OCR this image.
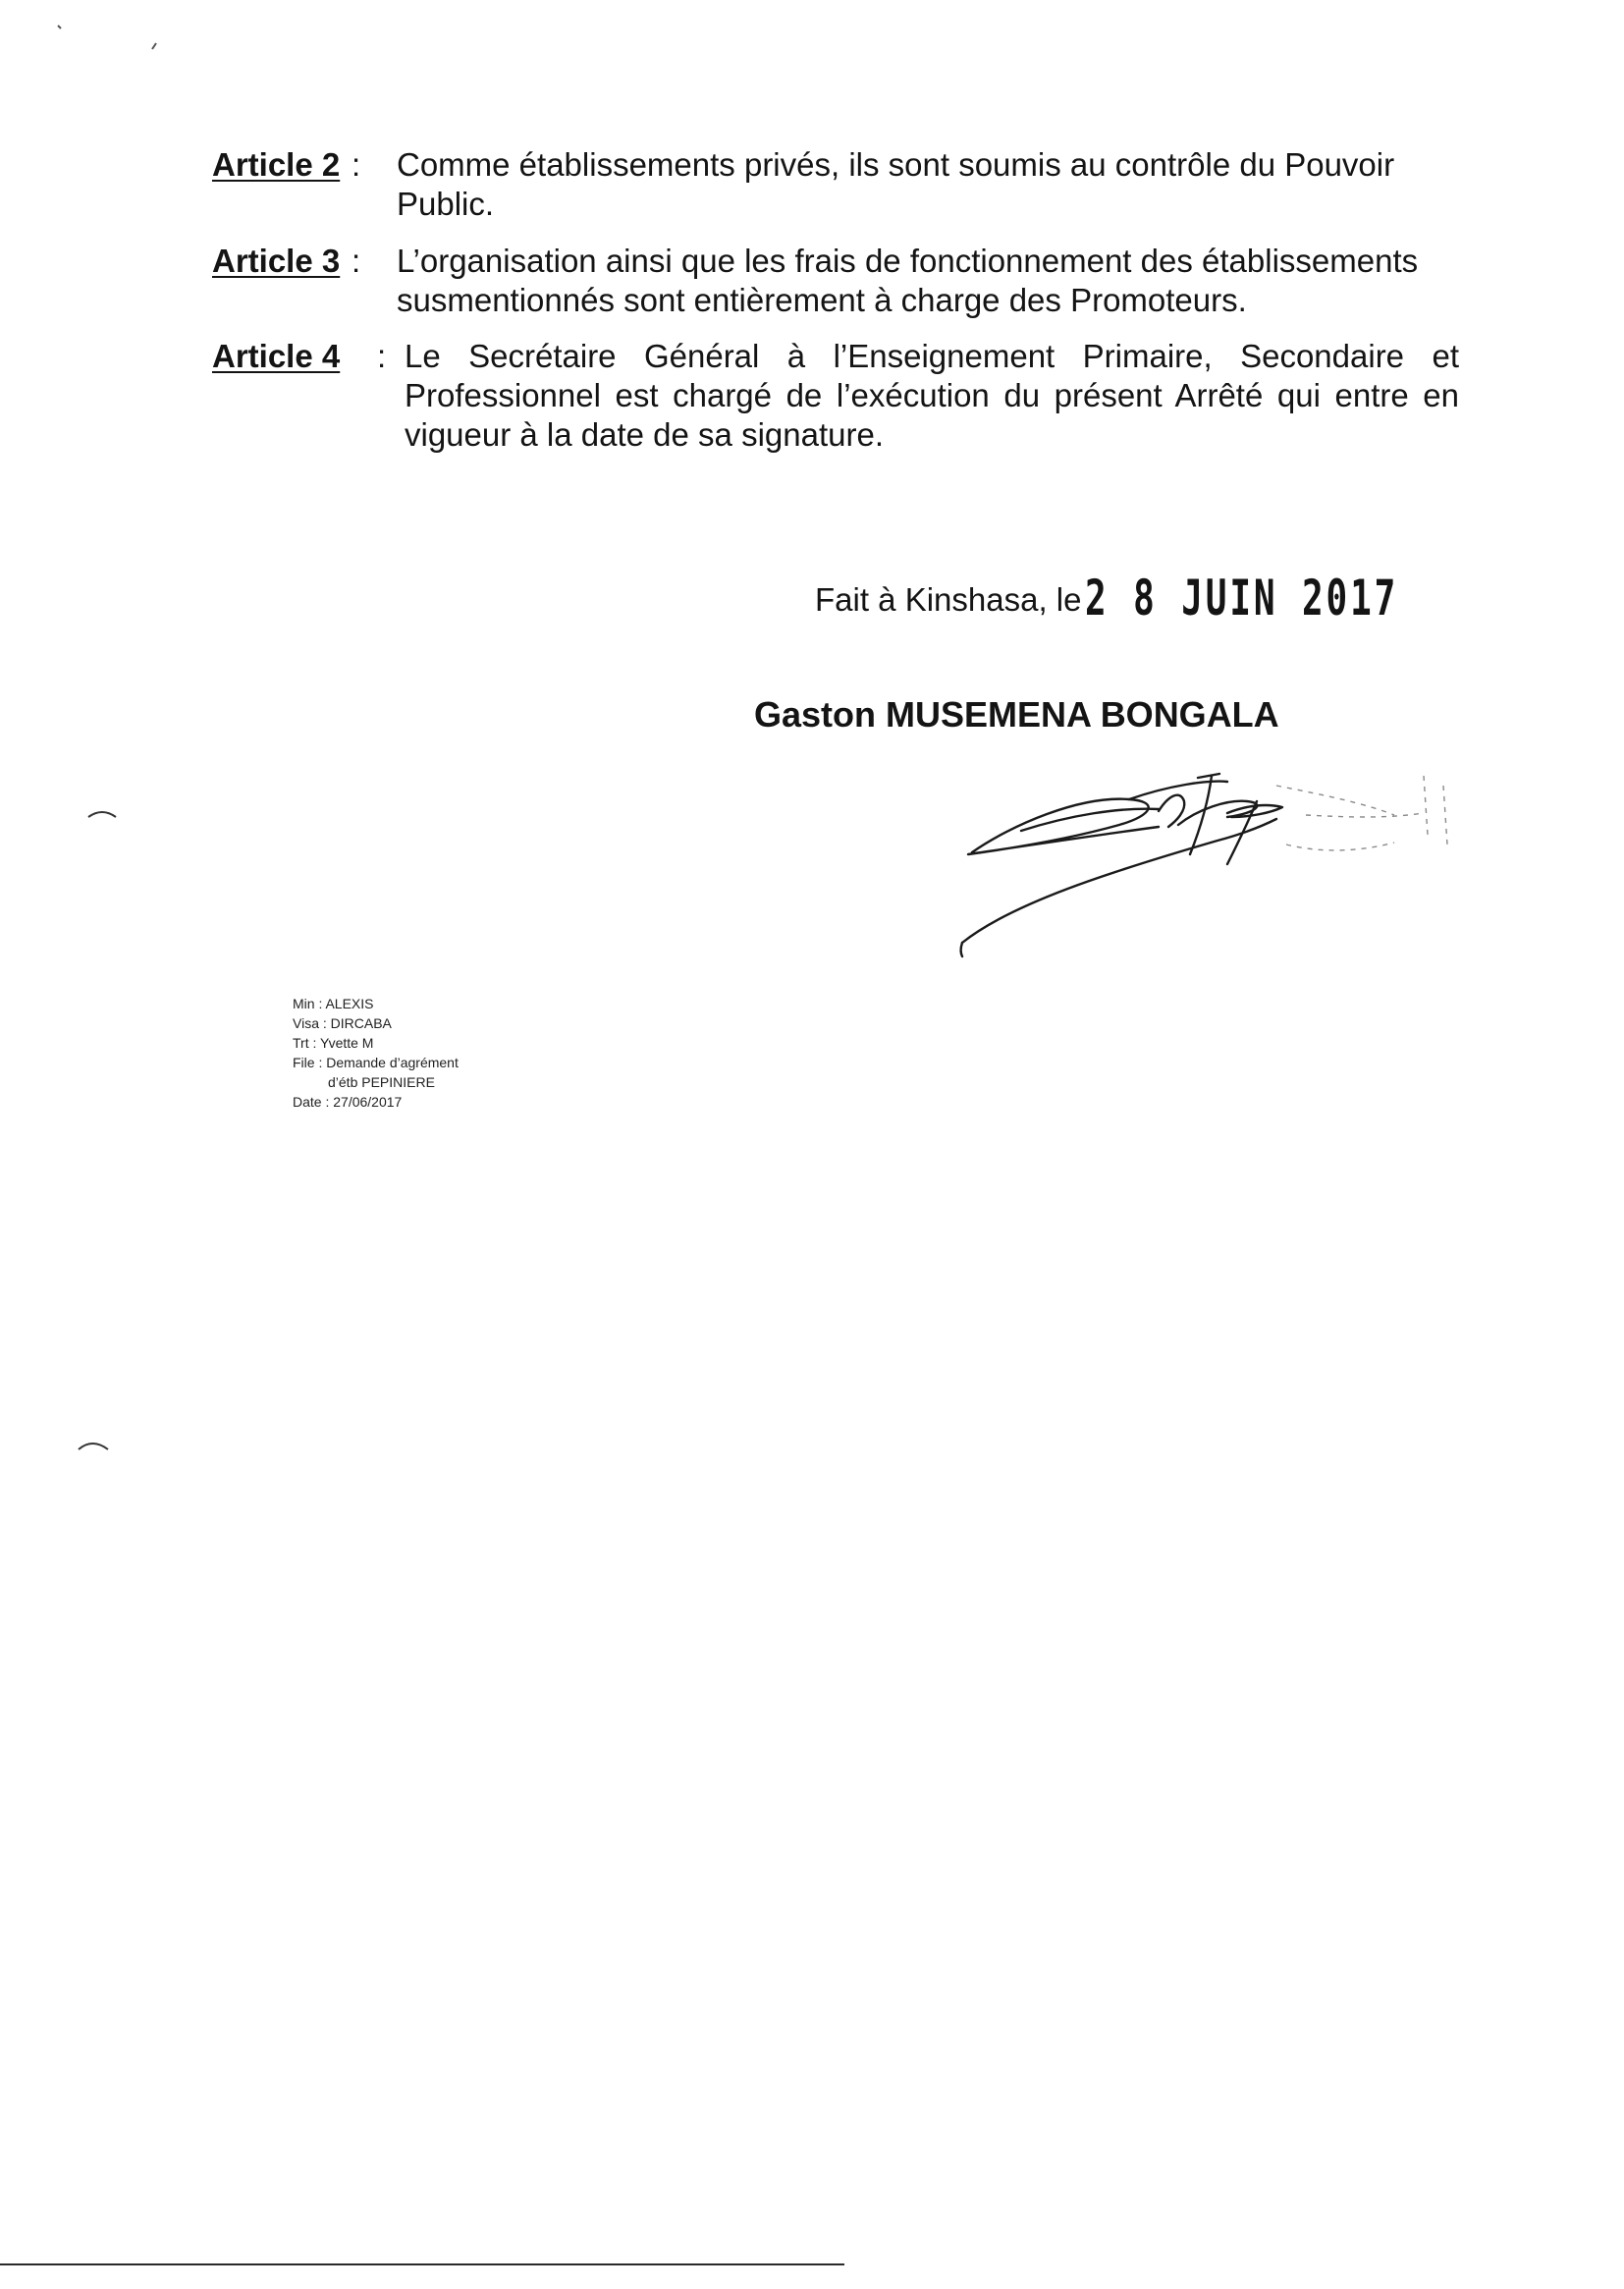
Article 2 : Comme établissements privés, ils sont soumis au contrôle du Pouvoir Public.
Article 3 : L’organisation ainsi que les frais de fonctionnement des établissements susmentionnés sont entièrement à charge des Promoteurs.
Article 4 : Le Secrétaire Général à l’Enseignement Primaire, Secondaire et Professionnel est chargé de l’exécution du présent Arrêté qui entre en vigueur à la date de sa signature.
Fait à Kinshasa, le2 8 JUIN 2017
Gaston MUSEMENA BONGALA
Min : ALEXIS
Visa : DIRCABA
Trt : Yvette M
File : Demande d’agrément
d’étb PEPINIERE
Date : 27/06/2017
